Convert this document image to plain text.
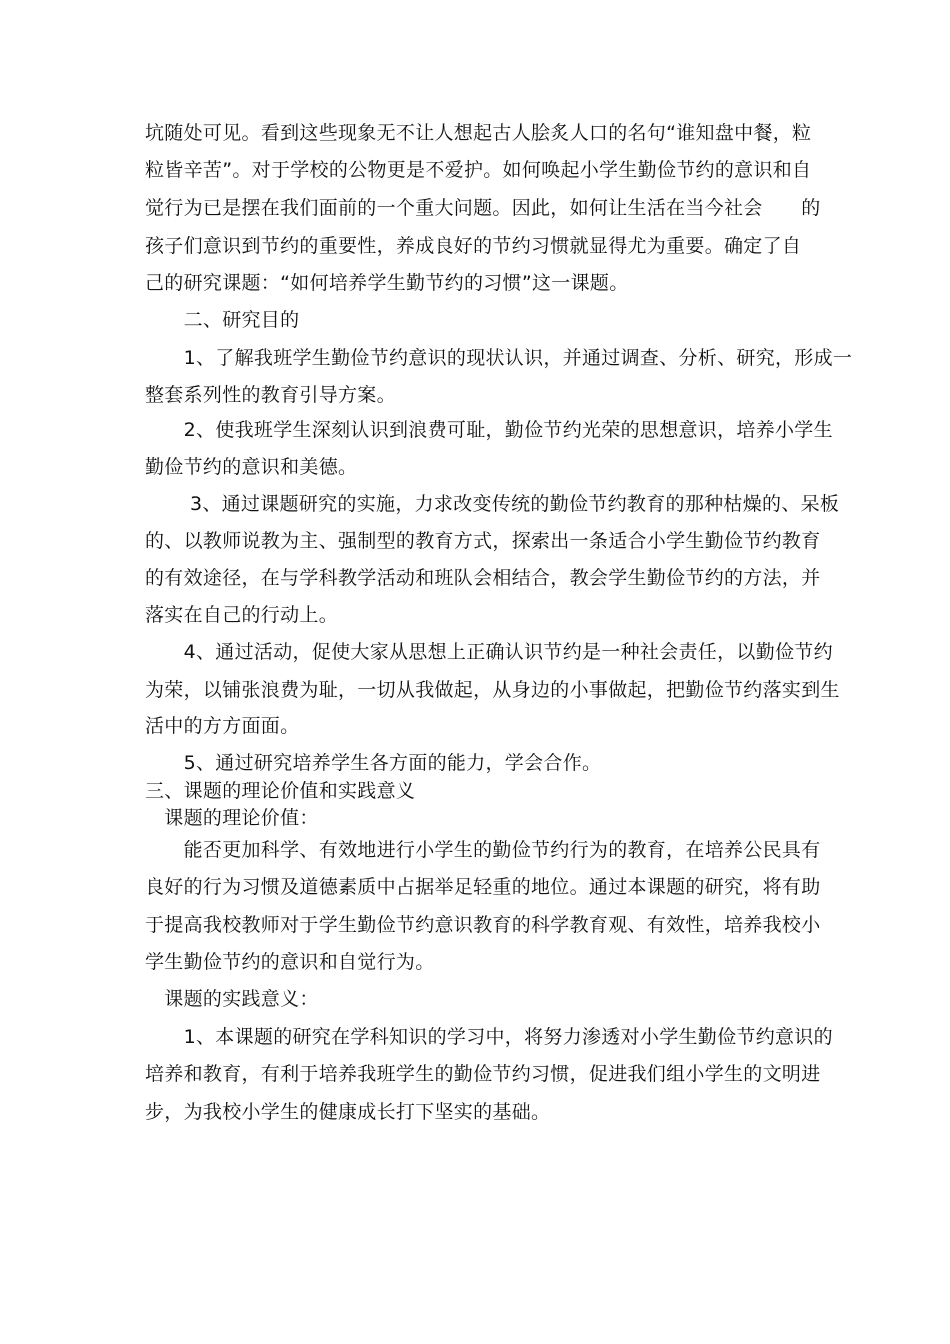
坑随处可见。看到这些现象无不让人想起古人脍炙人口的名句“谁知盘中餐，粒

粒皆辛苦”。对于学校的公物更是不爱护。如何唤起小学生勤俭节约的意识和自

觉行为已是摆在我们面前的一个重大问题。因此，如何让生活在当今社会　　的

孩子们意识到节约的重要性，养成良好的节约习惯就显得尤为重要。确定了自

己的研究课题：“如何培养学生勤节约的习惯”这一课题。

　　二、研究目的

　　1、了解我班学生勤俭节约意识的现状认识，并通过调查、分析、研究，形成一

整套系列性的教育引导方案。

　　2、使我班学生深刻认识到浪费可耻，勤俭节约光荣的思想意识，培养小学生

勤俭节约的意识和美德。

　　 3、通过课题研究的实施，力求改变传统的勤俭节约教育的那种枯燥的、呆板

的、以教师说教为主、强制型的教育方式，探索出一条适合小学生勤俭节约教育

的有效途径，在与学科教学活动和班队会相结合，教会学生勤俭节约的方法，并

落实在自己的行动上。

　　4、通过活动，促使大家从思想上正确认识节约是一种社会责任，以勤俭节约

为荣，以铺张浪费为耻，一切从我做起，从身边的小事做起，把勤俭节约落实到生

活中的方方面面。

　　5、通过研究培养学生各方面的能力，学会合作。

三、课题的理论价值和实践意义

　课题的理论价值：

　　能否更加科学、有效地进行小学生的勤俭节约行为的教育，在培养公民具有

良好的行为习惯及道德素质中占据举足轻重的地位。通过本课题的研究，将有助

于提高我校教师对于学生勤俭节约意识教育的科学教育观、有效性，培养我校小

学生勤俭节约的意识和自觉行为。

　课题的实践意义：

　　1、本课题的研究在学科知识的学习中，将努力渗透对小学生勤俭节约意识的

培养和教育，有利于培养我班学生的勤俭节约习惯，促进我们组小学生的文明进

步，为我校小学生的健康成长打下坚实的基础。
